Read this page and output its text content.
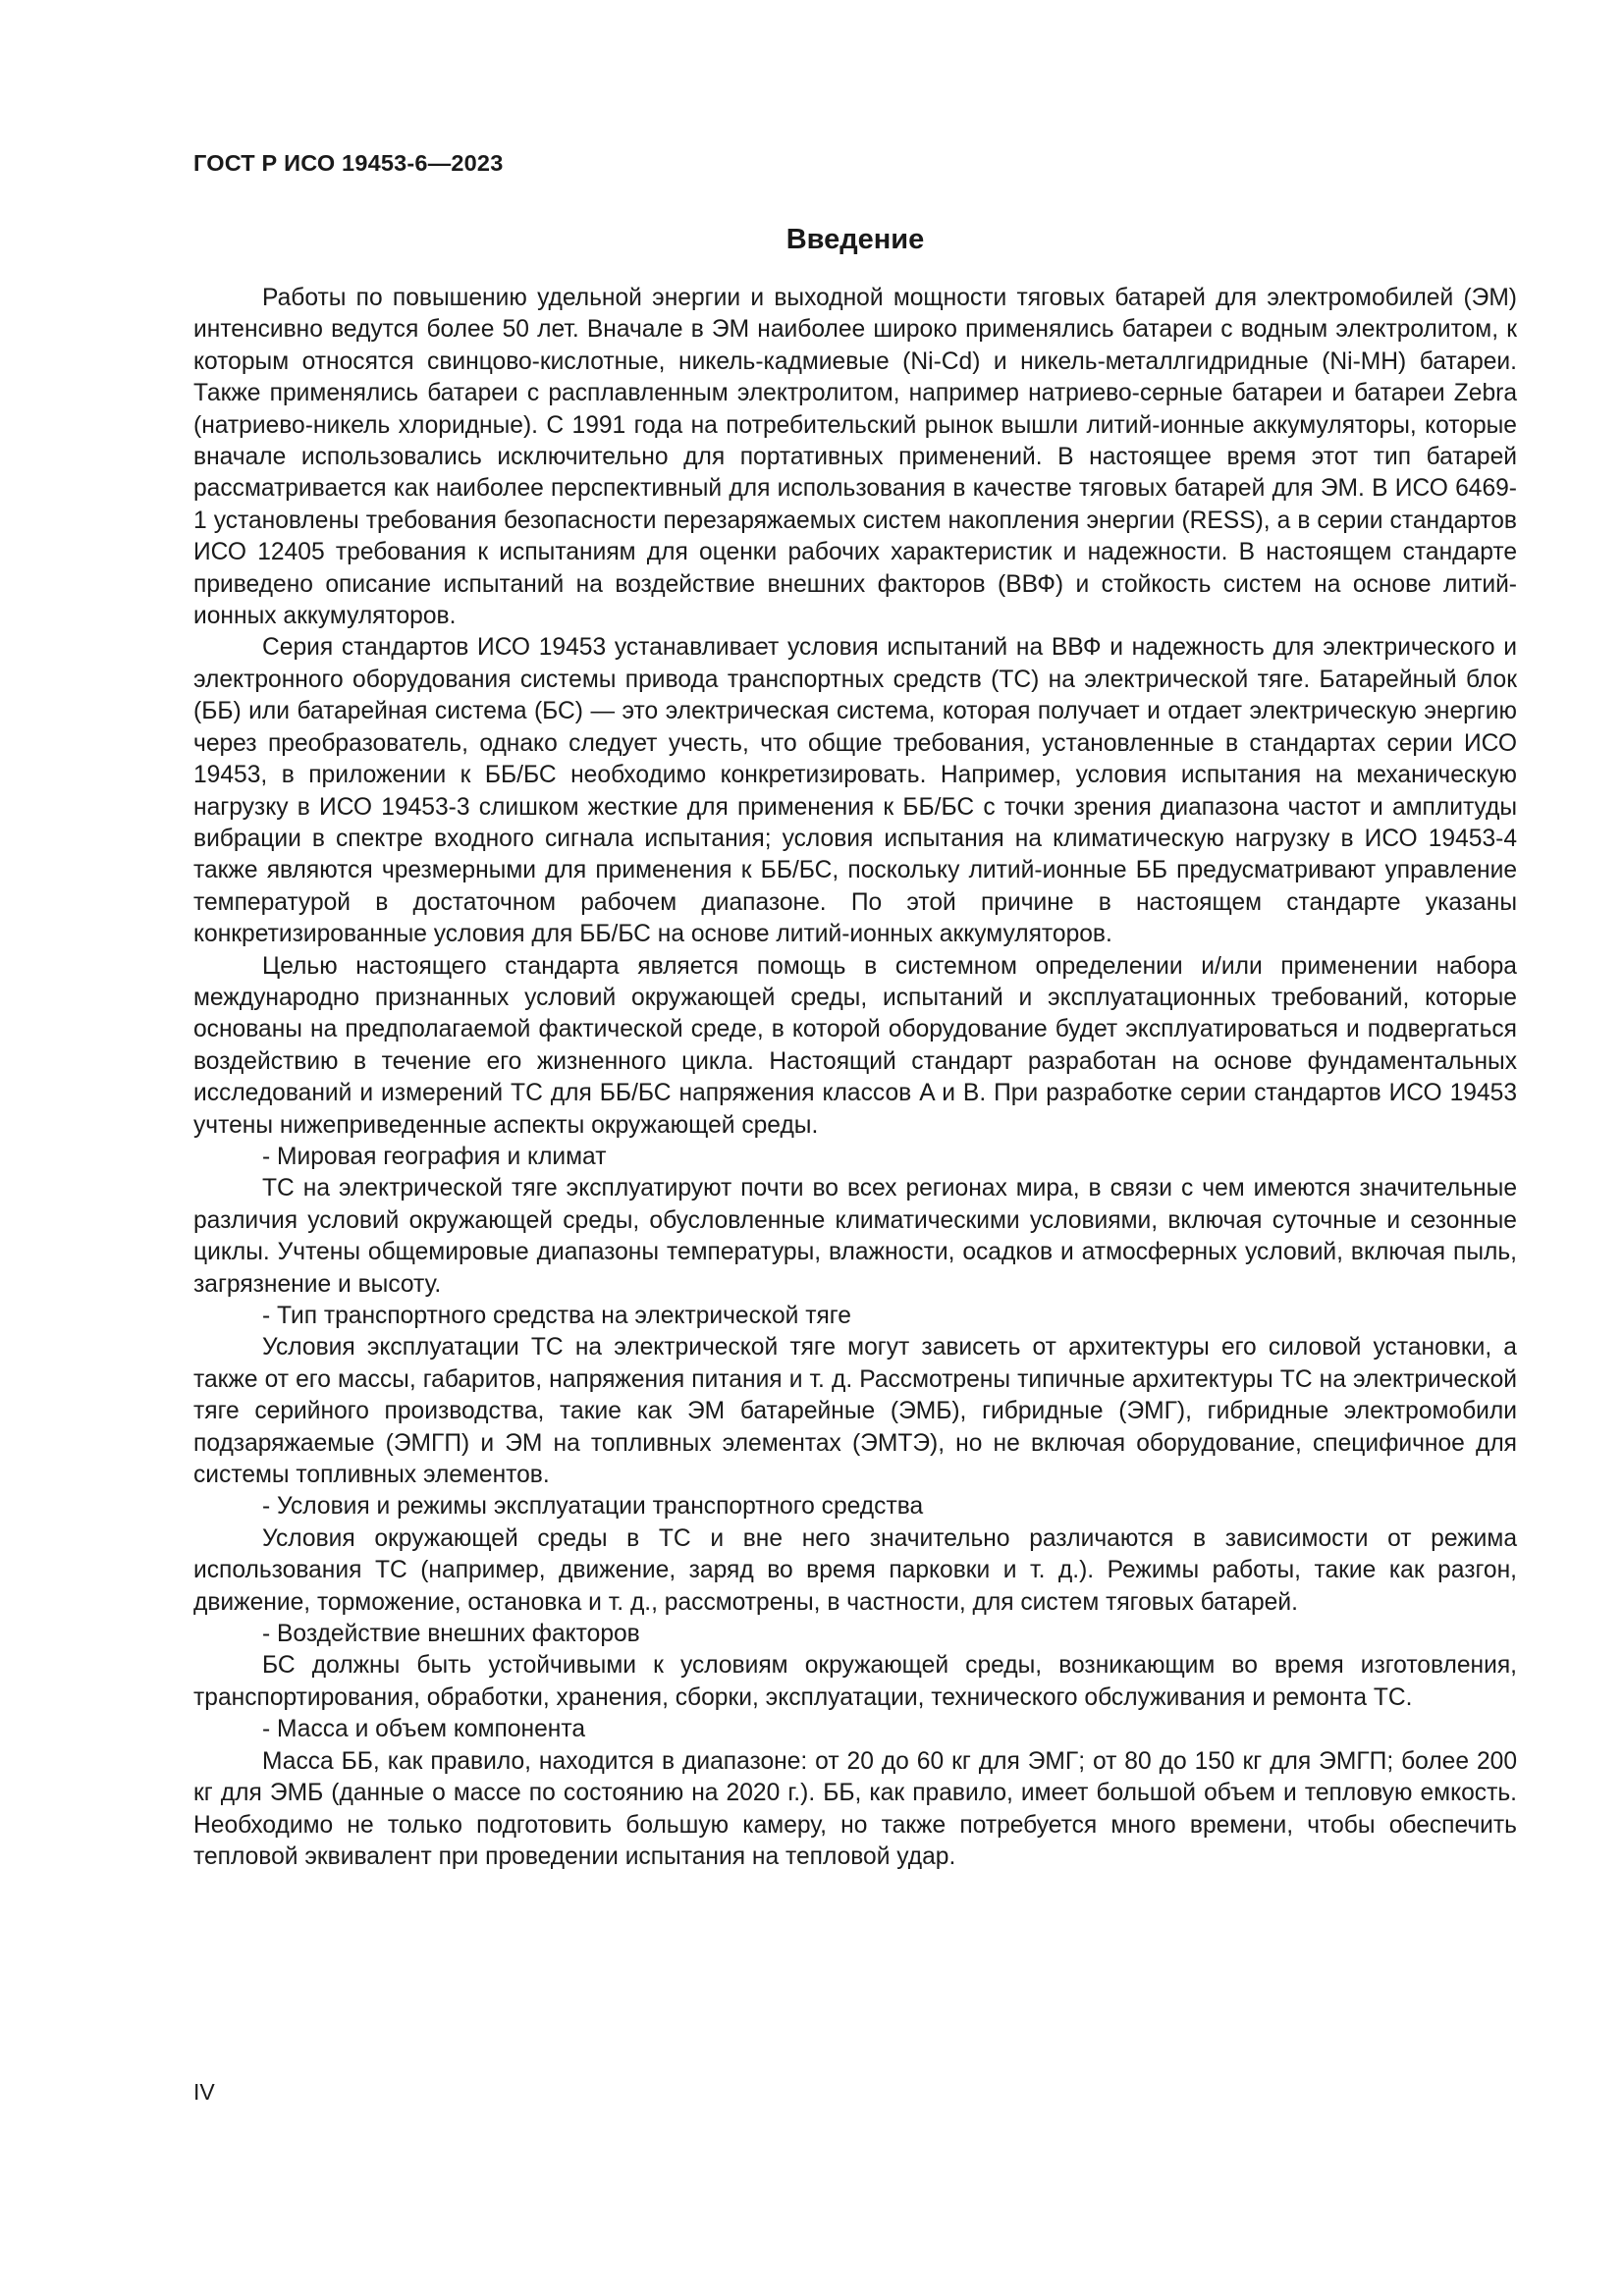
ГОСТ Р ИСО 19453-6—2023
Введение

Работы по повышению удельной энергии и выходной мощности тяговых батарей для электромобилей (ЭМ) интенсивно ведутся более 50 лет. Вначале в ЭМ наиболее широко применялись батареи с водным электролитом, к которым относятся свинцово-кислотные, никель-кадмиевые (Ni-Cd) и никель-металлгидридные (Ni-MH) батареи. Также применялись батареи с расплавленным электролитом, например натриево-серные батареи и батареи Zebra (натриево-никель хлоридные). С 1991 года на потребительский рынок вышли литий-ионные аккумуляторы, которые вначале использовались исключительно для портативных применений. В настоящее время этот тип батарей рассматривается как наиболее перспективный для использования в качестве тяговых батарей для ЭМ. В ИСО 6469-1 установлены требования безопасности перезаряжаемых систем накопления энергии (RESS), а в серии стандартов ИСО 12405 требования к испытаниям для оценки рабочих характеристик и надежности. В настоящем стандарте приведено описание испытаний на воздействие внешних факторов (ВВФ) и стойкость систем на основе литий-ионных аккумуляторов.

Серия стандартов ИСО 19453 устанавливает условия испытаний на ВВФ и надежность для электрического и электронного оборудования системы привода транспортных средств (ТС) на электрической тяге. Батарейный блок (ББ) или батарейная система (БС) — это электрическая система, которая получает и отдает электрическую энергию через преобразователь, однако следует учесть, что общие требования, установленные в стандартах серии ИСО 19453, в приложении к ББ/БС необходимо конкретизировать. Например, условия испытания на механическую нагрузку в ИСО 19453-3 слишком жесткие для применения к ББ/БС с точки зрения диапазона частот и амплитуды вибрации в спектре входного сигнала испытания; условия испытания на климатическую нагрузку в ИСО 19453-4 также являются чрезмерными для применения к ББ/БС, поскольку литий-ионные ББ предусматривают управление температурой в достаточном рабочем диапазоне. По этой причине в настоящем стандарте указаны конкретизированные условия для ББ/БС на основе литий-ионных аккумуляторов.

Целью настоящего стандарта является помощь в системном определении и/или применении набора международно признанных условий окружающей среды, испытаний и эксплуатационных требований, которые основаны на предполагаемой фактической среде, в которой оборудование будет эксплуатироваться и подвергаться воздействию в течение его жизненного цикла. Настоящий стандарт разработан на основе фундаментальных исследований и измерений ТС для ББ/БС напряжения классов A и B. При разработке серии стандартов ИСО 19453 учтены нижеприведенные аспекты окружающей среды.

- Мировая география и климат

ТС на электрической тяге эксплуатируют почти во всех регионах мира, в связи с чем имеются значительные различия условий окружающей среды, обусловленные климатическими условиями, включая суточные и сезонные циклы. Учтены общемировые диапазоны температуры, влажности, осадков и атмосферных условий, включая пыль, загрязнение и высоту.

- Тип транспортного средства на электрической тяге

Условия эксплуатации ТС на электрической тяге могут зависеть от архитектуры его силовой установки, а также от его массы, габаритов, напряжения питания и т. д. Рассмотрены типичные архитектуры ТС на электрической тяге серийного производства, такие как ЭМ батарейные (ЭМБ), гибридные (ЭМГ), гибридные электромобили подзаряжаемые (ЭМГП) и ЭМ на топливных элементах (ЭМТЭ), но не включая оборудование, специфичное для системы топливных элементов.

- Условия и режимы эксплуатации транспортного средства

Условия окружающей среды в ТС и вне него значительно различаются в зависимости от режима использования ТС (например, движение, заряд во время парковки и т. д.). Режимы работы, такие как разгон, движение, торможение, остановка и т. д., рассмотрены, в частности, для систем тяговых батарей.

- Воздействие внешних факторов

БС должны быть устойчивыми к условиям окружающей среды, возникающим во время изготовления, транспортирования, обработки, хранения, сборки, эксплуатации, технического обслуживания и ремонта ТС.

- Масса и объем компонента

Масса ББ, как правило, находится в диапазоне: от 20 до 60 кг для ЭМГ; от 80 до 150 кг для ЭМГП; более 200 кг для ЭМБ (данные о массе по состоянию на 2020 г.). ББ, как правило, имеет большой объем и тепловую емкость. Необходимо не только подготовить большую камеру, но также потребуется много времени, чтобы обеспечить тепловой эквивалент при проведении испытания на тепловой удар.

IV
